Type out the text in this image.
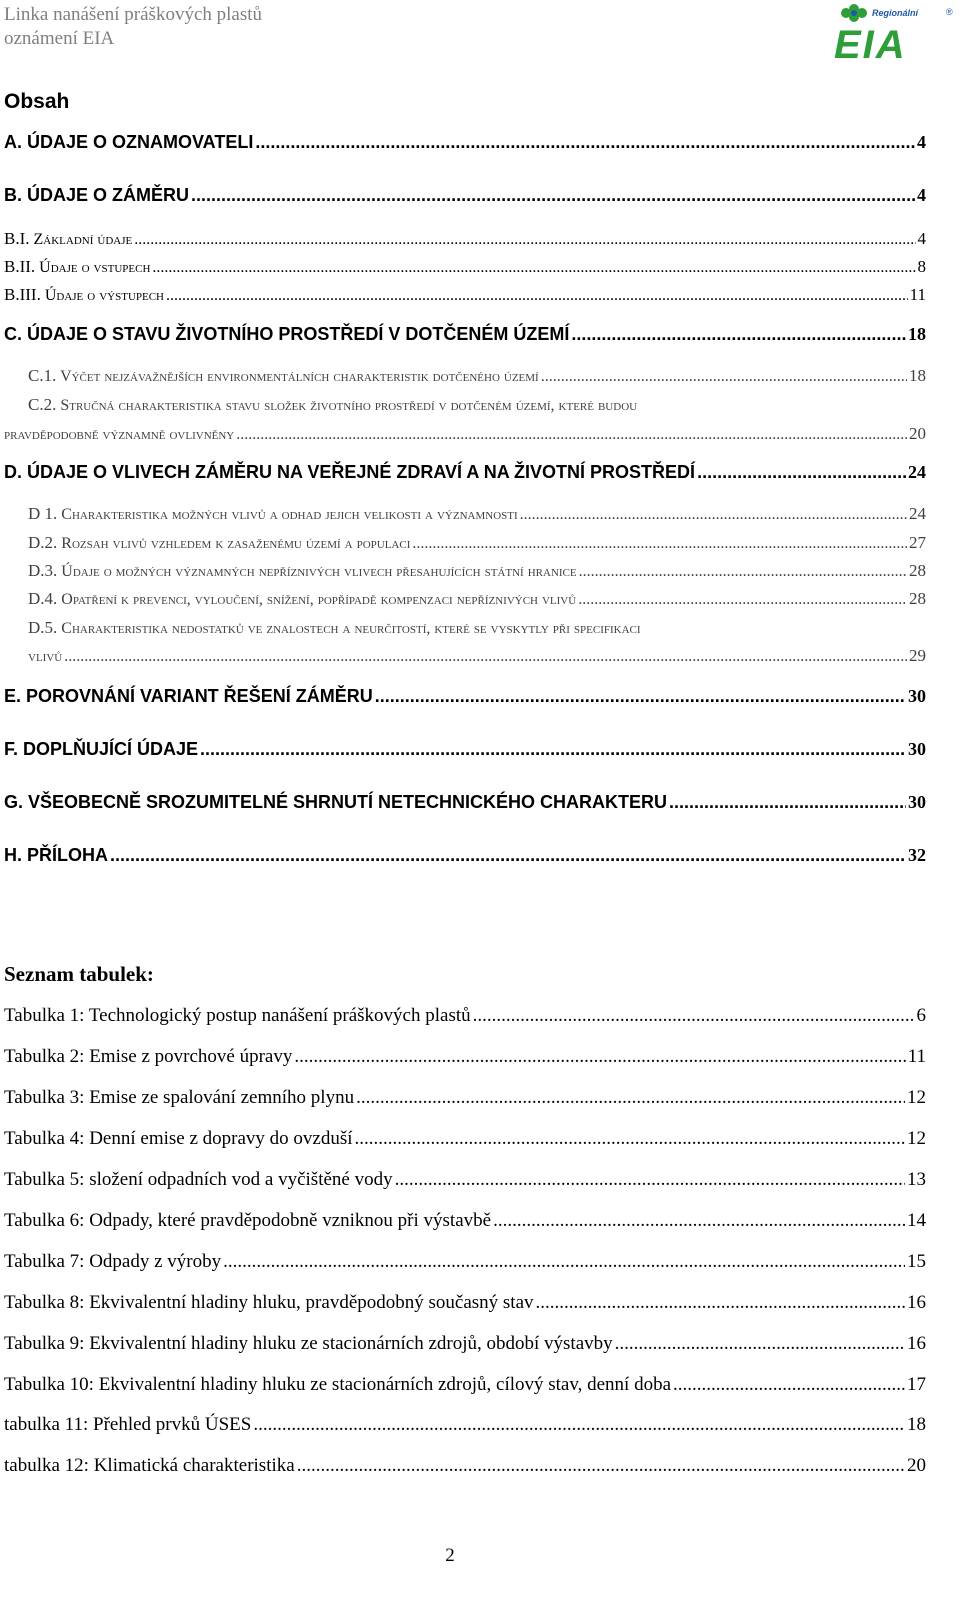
Linka nanášení práškových plastů
oznámení EIA
Regionální
EIA centrum
®
Obsah
A. ÚDAJE O OZNAMOVATELI .....	4
B. ÚDAJE O ZÁMĚRU .....	4
B.I. Základní údaje .....	4
B.II. Údaje o vstupech .....	8
B.III. Údaje o výstupech .....	11
C. ÚDAJE O STAVU ŽIVOTNÍHO PROSTŘEDÍ V DOTČENÉM ÚZEMÍ .....	18
C.1. Výčet nejzávažnějších environmentálních charakteristik dotčeného území .....	18
C.2. Stručná charakteristika stavu složek životního prostředí v dotčeném území, které budou
pravděpodobně významně ovlivněny .....	20
D. ÚDAJE O VLIVECH ZÁMĚRU NA VEŘEJNÉ ZDRAVÍ A NA ŽIVOTNÍ PROSTŘEDÍ .....	24
D 1. Charakteristika možných vlivů a odhad jejich velikosti a významnosti .....	24
D.2. Rozsah vlivů vzhledem k zasaženému území a populaci .....	27
D.3. Údaje o možných významných nepříznivých vlivech přesahujících státní hranice .....	28
D.4. Opatření k prevenci, vyloučení, snížení, popřípadě kompenzaci nepříznivých vlivů .....	28
D.5. Charakteristika nedostatků ve znalostech a neurčitostí, které se vyskytly při specifikaci
vlivů .....	29
E. POROVNÁNÍ VARIANT ŘEŠENÍ ZÁMĚRU .....	30
F. DOPLŇUJÍCÍ ÚDAJE .....	30
G. VŠEOBECNĚ SROZUMITELNÉ SHRNUTÍ NETECHNICKÉHO CHARAKTERU .....	30
H. PŘÍLOHA .....	32
Seznam tabulek:
Tabulka 1: Technologický postup nanášení práškových plastů .....	6
Tabulka 2: Emise z povrchové úpravy .....	11
Tabulka 3: Emise ze spalování zemního plynu .....	12
Tabulka 4: Denní emise z dopravy do ovzduší .....	12
Tabulka 5: složení odpadních vod a vyčištěné vody .....	13
Tabulka 6: Odpady, které pravděpodobně vzniknou při výstavbě .....	14
Tabulka 7: Odpady z výroby .....	15
Tabulka 8: Ekvivalentní hladiny hluku, pravděpodobný současný stav .....	16
Tabulka 9: Ekvivalentní hladiny hluku ze stacionárních zdrojů, období výstavby .....	16
Tabulka 10: Ekvivalentní hladiny hluku ze stacionárních zdrojů, cílový stav, denní doba .....	17
tabulka 11: Přehled prvků ÚSES .....	18
tabulka 12: Klimatická charakteristika .....	20
2
